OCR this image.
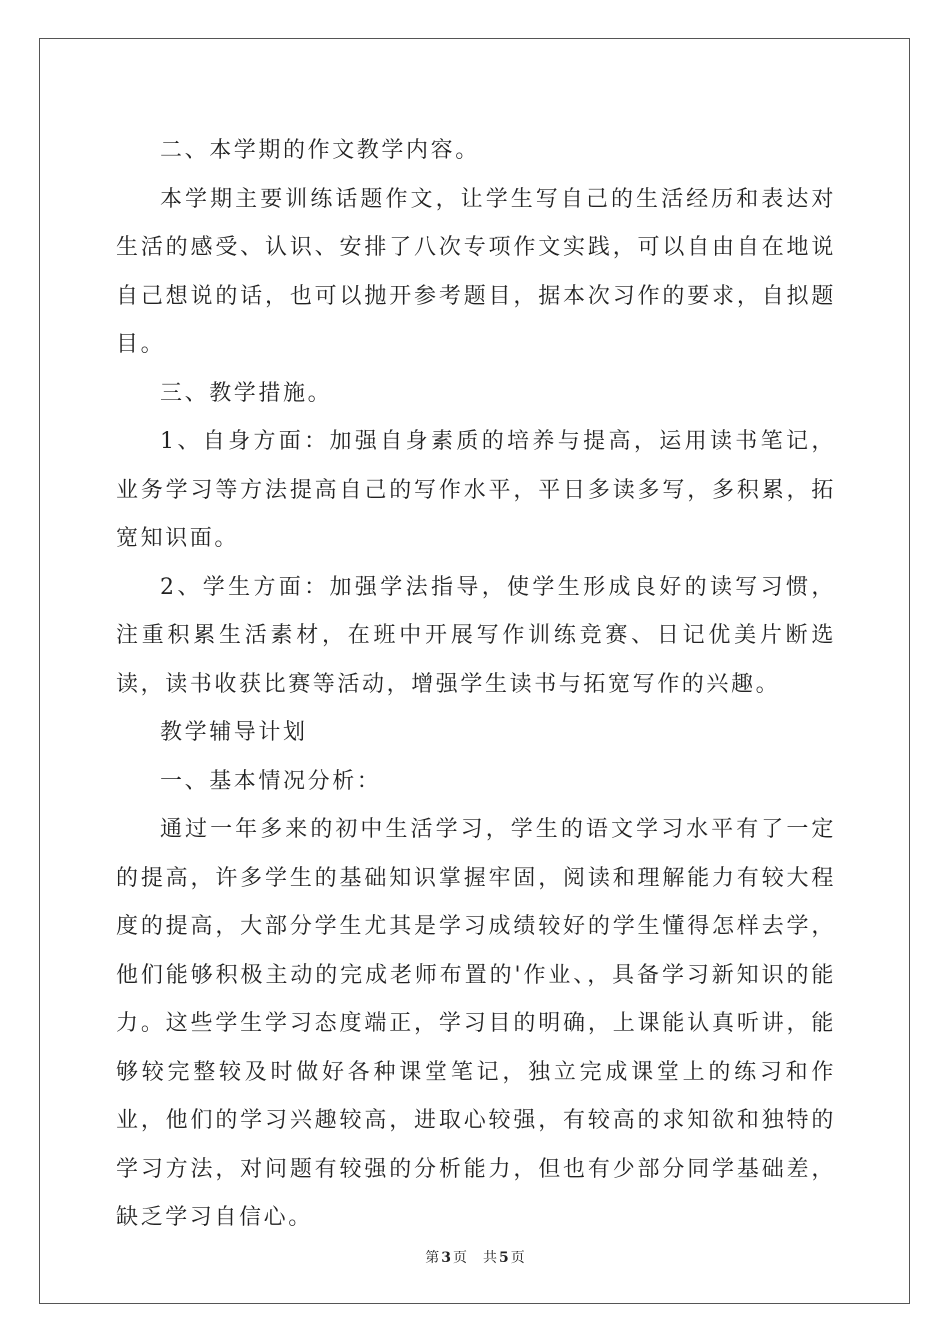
二、本学期的作文教学内容。

本学期主要训练话题作文，让学生写自己的生活经历和表达对生活的感受、认识、安排了八次专项作文实践，可以自由自在地说自己想说的话，也可以抛开参考题目，据本次习作的要求，自拟题目。

三、教学措施。

1、自身方面：加强自身素质的培养与提高，运用读书笔记，业务学习等方法提高自己的写作水平，平日多读多写，多积累，拓宽知识面。

2、学生方面：加强学法指导，使学生形成良好的读写习惯，注重积累生活素材，在班中开展写作训练竞赛、日记优美片断选读，读书收获比赛等活动，增强学生读书与拓宽写作的兴趣。

教学辅导计划

一、基本情况分析：

通过一年多来的初中生活学习，学生的语文学习水平有了一定的提高，许多学生的基础知识掌握牢固，阅读和理解能力有较大程度的提高，大部分学生尤其是学习成绩较好的学生懂得怎样去学，他们能够积极主动的完成老师布置的'作业、，具备学习新知识的能力。这些学生学习态度端正，学习目的明确，上课能认真听讲，能够较完整较及时做好各种课堂笔记，独立完成课堂上的练习和作业，他们的学习兴趣较高，进取心较强，有较高的求知欲和独特的学习方法，对问题有较强的分析能力，但也有少部分同学基础差，缺乏学习自信心。

第 3 页 共 5 页
